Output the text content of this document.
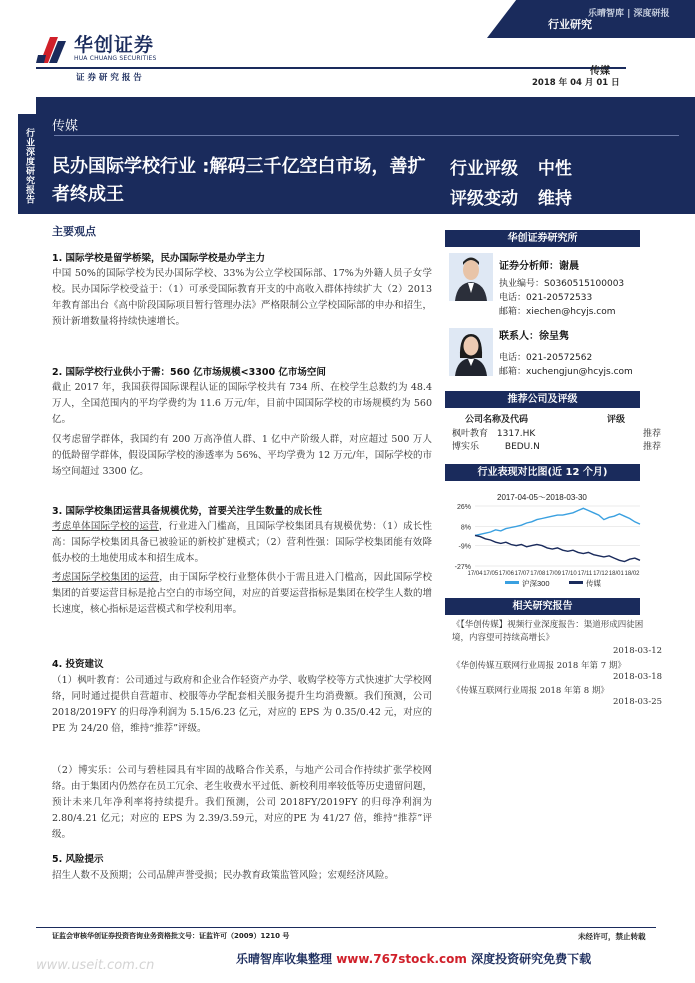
华创证券
HUA CHUANG SECURITIES
行业研究
乐晴智库 | 深度研报
证 券 研 究 报 告
传媒
2018 年 04 月 01 日
行业深度研究报告
传媒
民办国际学校行业 :解码三千亿空白市场，善扩者终成王
行业评级 中性
评级变动 维持
主要观点
1. 国际学校是留学桥梁，民办国际学校是办学主力
中国 50%的国际学校为民办国际学校、33%为公立学校国际部、17%为外籍人员子女学校。民办国际学校受益于：（1）可承受国际教育开支的中高收入群体持续扩大（2）2013 年教育部出台《高中阶段国际项目暂行管理办法》严格限制公立学校国际部的申办和招生，预计新增数量将持续快速增长。
2. 国际学校行业供小于需：560 亿市场规模<3300 亿市场空间
截止 2017 年，我国获得国际课程认证的国际学校共有 734 所、在校学生总数约为 48.4 万人，全国范围内的平均学费约为 11.6 万元/年，目前中国国际学校的市场规模约为 560 亿。
仅考虑留学群体，我国约有 200 万高净值人群、1 亿中产阶级人群，对应超过 500 万人的低龄留学群体，假设国际学校的渗透率为 56%、平均学费为 12 万元/年，国际学校的市场空间超过 3300 亿。
3. 国际学校集团运营具备规模优势，首要关注学生数量的成长性
考虑单体国际学校的运营，行业进入门槛高，且国际学校集团具有规模优势：（1）成长性高：国际学校集团具备已被验证的新校扩建模式；（2）营利性强：国际学校集团能有效降低办校的土地使用成本和招生成本。
考虑国际学校集团的运营，由于国际学校行业整体供小于需且进入门槛高，因此国际学校集团的首要运营目标是抢占空白的市场空间，对应的首要运营指标是集团在校学生人数的增长速度，核心指标是运营模式和学校利用率。
4. 投资建议
（1）枫叶教育：公司通过与政府和企业合作轻资产办学、收购学校等方式快速扩大学校网络，同时通过提供自营超市、校服等办学配套相关服务提升生均消费额。我们预测，公司 2018/2019FY 的归母净利润为 5.15/6.23 亿元，对应的 EPS 为 0.35/0.42 元，对应的 PE 为 24/20 倍，维持“推荐”评级。
（2）博实乐：公司与碧桂园具有牢固的战略合作关系，与地产公司合作持续扩张学校网络。由于集团内仍然存在员工冗余、老生收费水平过低、新校利用率较低等历史遗留问题，预计未来几年净利率将持续提升。我们预测，公司 2018FY/2019FY 的归母净利润为 2.80/4.21 亿元；对应的 EPS 为 2.39/3.59元，对应的PE 为 41/27 倍，维持“推荐”评级。
5. 风险提示
招生人数不及预期；公司品牌声誉受损；民办教育政策监管风险；宏观经济风险。
华创证券研究所
证券分析师：谢晨
执业编号：S0360515100003
电话：021-20572533
邮箱：xiechen@hcyjs.com
联系人：徐呈隽
电话：021-20572562
邮箱：xuchengjun@hcyjs.com
推荐公司及评级
公司名称及代码	评级
枫叶教育 1317.HK	推荐
博实乐	BEDU.N	推荐
行业表现对比图(近 12 个月)
2017-04-05～2018-03-30
26%
8%
-9%
-27%
17/04 17/05 17/06 17/07 17/08 17/09 17/10 17/11 17/12 18/01 18/02
沪深300	传媒
相关研究报告
《【华创传媒】视频行业深度报告：渠道形成四徒困境，内容望可持续高增长》
2018-03-12
《华创传媒互联网行业周报 2018 年第 7 期》
2018-03-18
《传媒互联网行业周报 2018 年第 8 期》
2018-03-25
证监会审核华创证券投资咨询业务资格批文号：证监许可（2009）1210 号	未经许可，禁止转载
www.useit.com.cn	乐晴智库收集整理 www.767stock.com 深度投资研究免费下载
